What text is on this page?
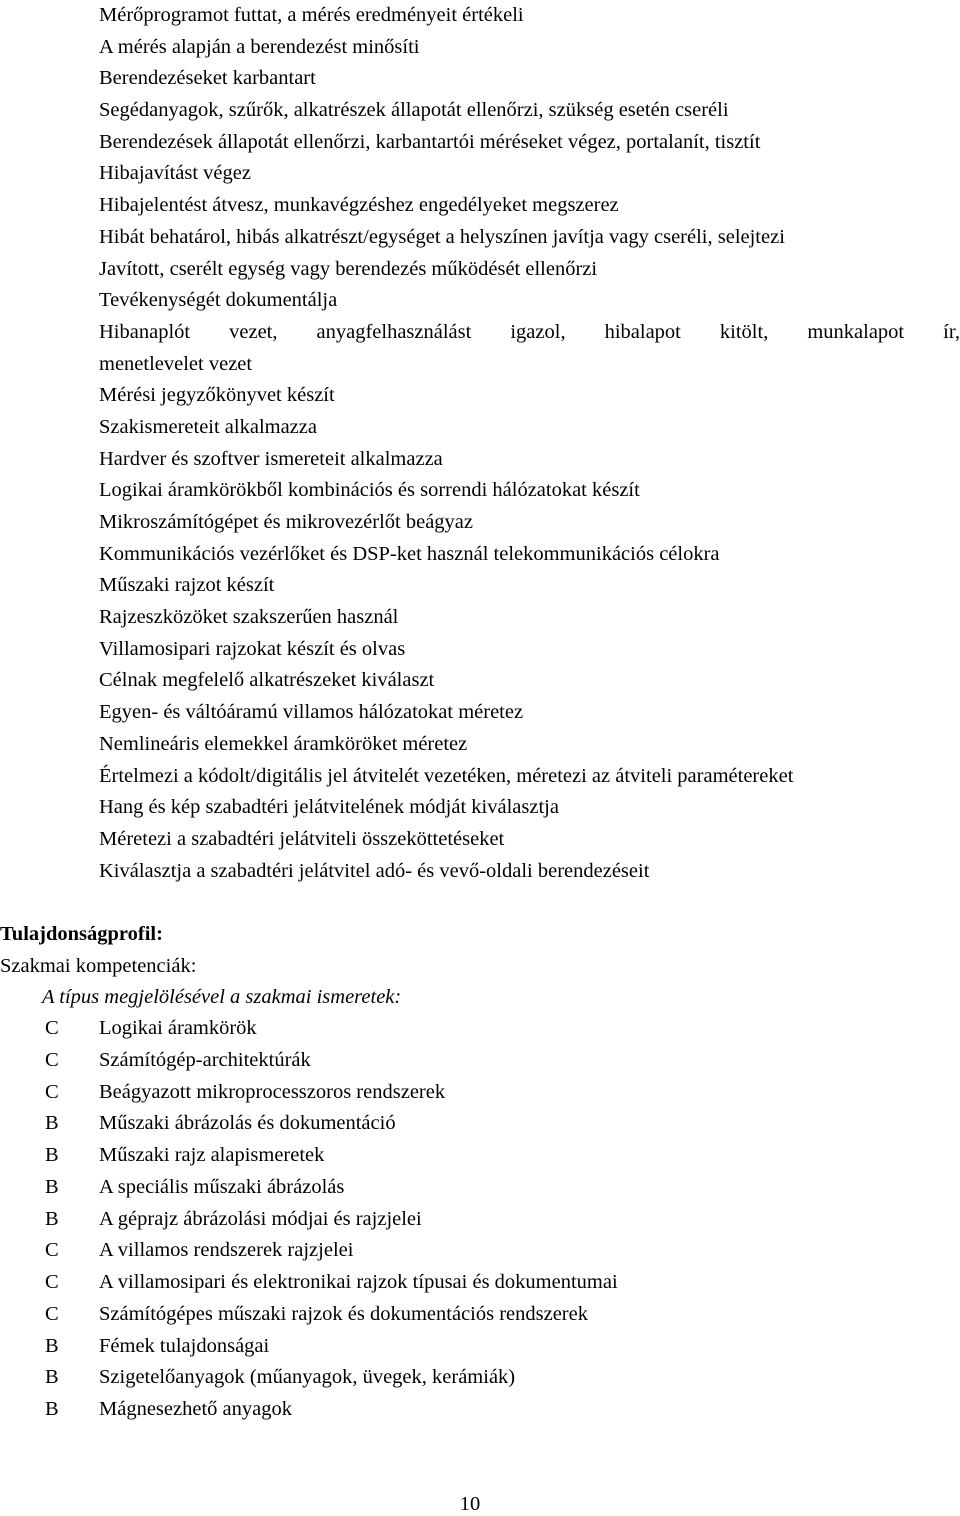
Mérőprogramot futtat, a mérés eredményeit értékeli
A mérés alapján a berendezést minősíti
Berendezéseket karbantart
Segédanyagok, szűrők, alkatrészek állapotát ellenőrzi, szükség esetén cseréli
Berendezések állapotát ellenőrzi, karbantartói méréseket végez, portalanít, tisztít
Hibajavítást végez
Hibajelentést átvesz, munkavégzéshez engedélyeket megszerez
Hibát behatárol, hibás alkatrészt/egységet a helyszínen javítja vagy cseréli, selejtezi
Javított, cserélt egység vagy berendezés működését ellenőrzi
Tevékenységét dokumentálja
Hibanaplót vezet, anyagfelhasználást igazol, hibalapot kitölt, munkalapot ír,
menetlevelet vezet
Mérési jegyzőkönyvet készít
Szakismereteit alkalmazza
Hardver és szoftver ismereteit alkalmazza
Logikai áramkörökből kombinációs és sorrendi hálózatokat készít
Mikroszámítógépet és mikrovezérlőt beágyaz
Kommunikációs vezérlőket és DSP-ket használ telekommunikációs célokra
Műszaki rajzot készít
Rajzeszközöket szakszerűen használ
Villamosipari rajzokat készít és olvas
Célnak megfelelő alkatrészeket kiválaszt
Egyen- és váltóáramú villamos hálózatokat méretez
Nemlineáris elemekkel áramköröket méretez
Értelmezi a kódolt/digitális jel átvitelét vezetéken, méretezi az átviteli paramétereket
Hang és kép szabadtéri jelátvitelének módját kiválasztja
Méretezi a szabadtéri jelátviteli összeköttetéseket
Kiválasztja a szabadtéri jelátvitel adó- és vevő-oldali berendezéseit
Tulajdonságprofil:
Szakmai kompetenciák:
A típus megjelölésével a szakmai ismeretek:
C Logikai áramkörök
C Számítógép-architektúrák
C Beágyazott mikroprocesszoros rendszerek
B Műszaki ábrázolás és dokumentáció
B Műszaki rajz alapismeretek
B A speciális műszaki ábrázolás
B A géprajz ábrázolási módjai és rajzjelei
C A villamos rendszerek rajzjelei
C A villamosipari és elektronikai rajzok típusai és dokumentumai
C Számítógépes műszaki rajzok és dokumentációs rendszerek
B Fémek tulajdonságai
B Szigetelőanyagok (műanyagok, üvegek, kerámiák)
B Mágnesezhető anyagok
10
